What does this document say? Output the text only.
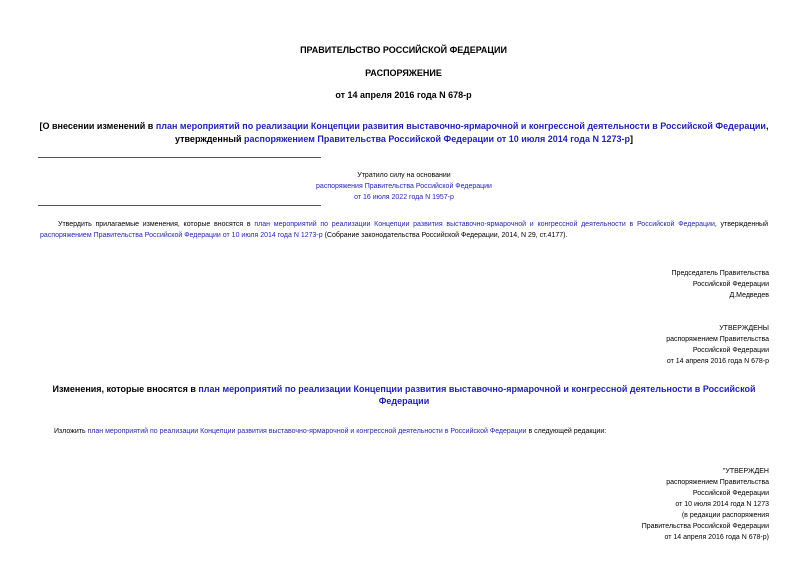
ПРАВИТЕЛЬСТВО РОССИЙСКОЙ ФЕДЕРАЦИИ
РАСПОРЯЖЕНИЕ
от 14 апреля 2016 года N 678-р
[О внесении изменений в план мероприятий по реализации Концепции развития выставочно-ярмарочной и конгрессной деятельности в Российской Федерации, утвержденный распоряжением Правительства Российской Федерации от 10 июля 2014 года N 1273-р]
Утратило силу на основании
распоряжения Правительства Российской Федерации
от 16 июля 2022 года N 1957-р
Утвердить прилагаемые изменения, которые вносятся в план мероприятий по реализации Концепции развития выставочно-ярмарочной и конгрессной деятельности в Российской Федерации, утвержденный распоряжением Правительства Российской Федерации от 10 июля 2014 года N 1273-р (Собрание законодательства Российской Федерации, 2014, N 29, ст.4177).
Председатель Правительства
Российской Федерации
Д.Медведев
УТВЕРЖДЕНЫ
распоряжением Правительства
Российской Федерации
от 14 апреля 2016 года N 678-р
Изменения, которые вносятся в план мероприятий по реализации Концепции развития выставочно-ярмарочной и конгрессной деятельности в Российской Федерации
Изложить план мероприятий по реализации Концепции развития выставочно-ярмарочной и конгрессной деятельности в Российской Федерации в следующей редакции:
"УТВЕРЖДЕН
распоряжением Правительства
Российской Федерации
от 10 июля 2014 года N 1273
(в редакции распоряжения
Правительства Российской Федерации
от 14 апреля 2016 года N 678-р)
